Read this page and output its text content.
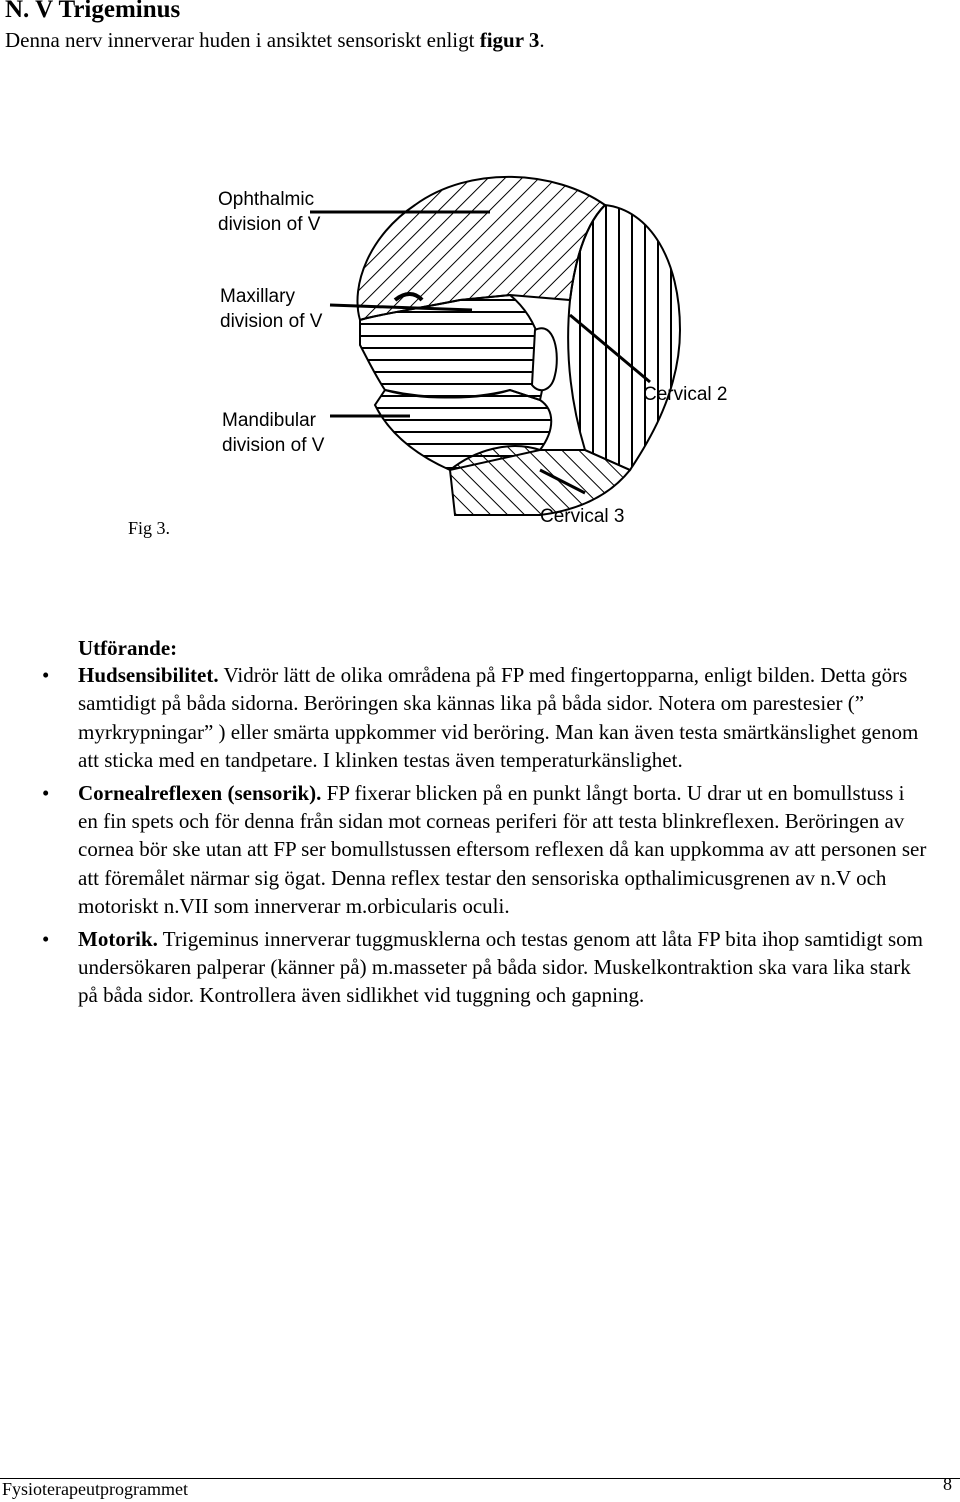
N. V Trigeminus
Denna nerv innerverar huden i ansiktet sensoriskt enligt figur 3.
Ophthalmic
division of V
Maxillary
division of V
Mandibular
division of V
Cervical 2
Cervical 3
Fig 3.
Utförande:
• Hudsensibilitet. Vidrör lätt de olika områdena på FP med fingertopparna, enligt bilden. Detta görs samtidigt på båda sidorna. Beröringen ska kännas lika på båda sidor. Notera om parestesier (” myrkrypningar” ) eller smärta uppkommer vid beröring. Man kan även testa smärtkänslighet genom att sticka med en tandpetare. I klinken testas även temperaturkänslighet.
• Cornealreflexen (sensorik). FP fixerar blicken på en punkt långt borta. U drar ut en bomullstuss i en fin spets och för denna från sidan mot corneas periferi för att testa blinkreflexen. Beröringen av cornea bör ske utan att FP ser bomullstussen eftersom reflexen då kan uppkomma av att personen ser att föremålet närmar sig ögat. Denna reflex testar den sensoriska opthalimicusgrenen av n.V och motoriskt n.VII som innerverar m.orbicularis oculi.
• Motorik. Trigeminus innerverar tuggmusklerna och testas genom att låta FP bita ihop samtidigt som undersökaren palperar (känner på) m.masseter på båda sidor. Muskelkontraktion ska vara lika stark på båda sidor. Kontrollera även sidlikhet vid tuggning och gapning.
Fysioterapeutprogrammet	8
